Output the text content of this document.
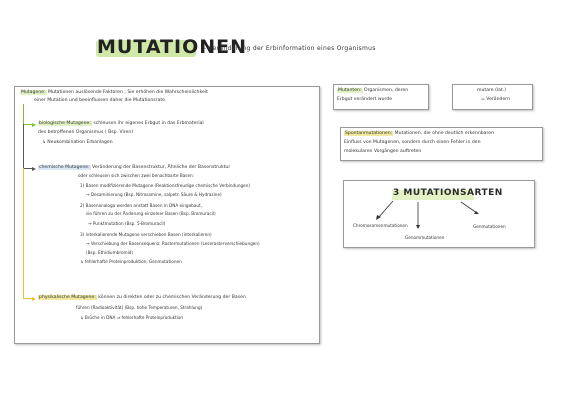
MUTATIONEN
- Veränderung der Erbinformation eines Organismus
Mutagene: Mutationen auslösende Faktoren ; Sie erhöhen die Wahrscheinlichkeit
einer Mutation und beeinflussen daher die Mutationsrate.
biologische Mutagene: schleusen ihr eigenes Erbgut in das Erbmaterial
des betroffenen Organismus ( Bsp. Viren)
↳ Neukombination Erbanlagen
chemische Mutagene: Veränderung der Basenstruktur, Ähnliche der Basenstruktur
oder schleusen sich zwischen zwei benachbarte Basen:
1) Basen modifizierende Mutagene (Reaktionsfreudige chemische Verbindungen)
→ Desaminierung (Bsp. Nitrosamine, salpetr. Säure & Hydrazine)
2) Basenanaloga werden anstatt Basen in DNA eingebaut,
sie führen zu der Änderung einzelner Basen (Bsp. Bromuracil)
→ Punktmutation (Bsp. 5-Bromuracil)
3) interkalierende Mutagene verschieben Basen (interkalieren)
→ Verschiebung der Basensequenz: Rastermutationen (Leserasterverschiebungen)
(Bsp. Ethidiumbromid)
↳ fehlerhafte Proteinproduktion, Genmutationen
physikalische Mutagene: können zu direkten oder zu chemischen Veränderung der Basen
führen (Radioaktivität) (Bsp. hohe Temperaturen, Strahlung)
↳ Brüche in DNA ⇒ fehlerhafte Proteinproduktion
Mutanten: Organismen, deren
Erbgut verändert wurde
mutare (lat.)
= Verändern
Spontanmutationen: Mutationen, die ohne deutlich erkennbaren
Einfluss von Mutagenen, sondern durch einen Fehler in den
molekularen Vorgängen auftreten
3 MUTATIONSARTEN
Chromosomenmutationen
Genommutationen
Genmutationen
